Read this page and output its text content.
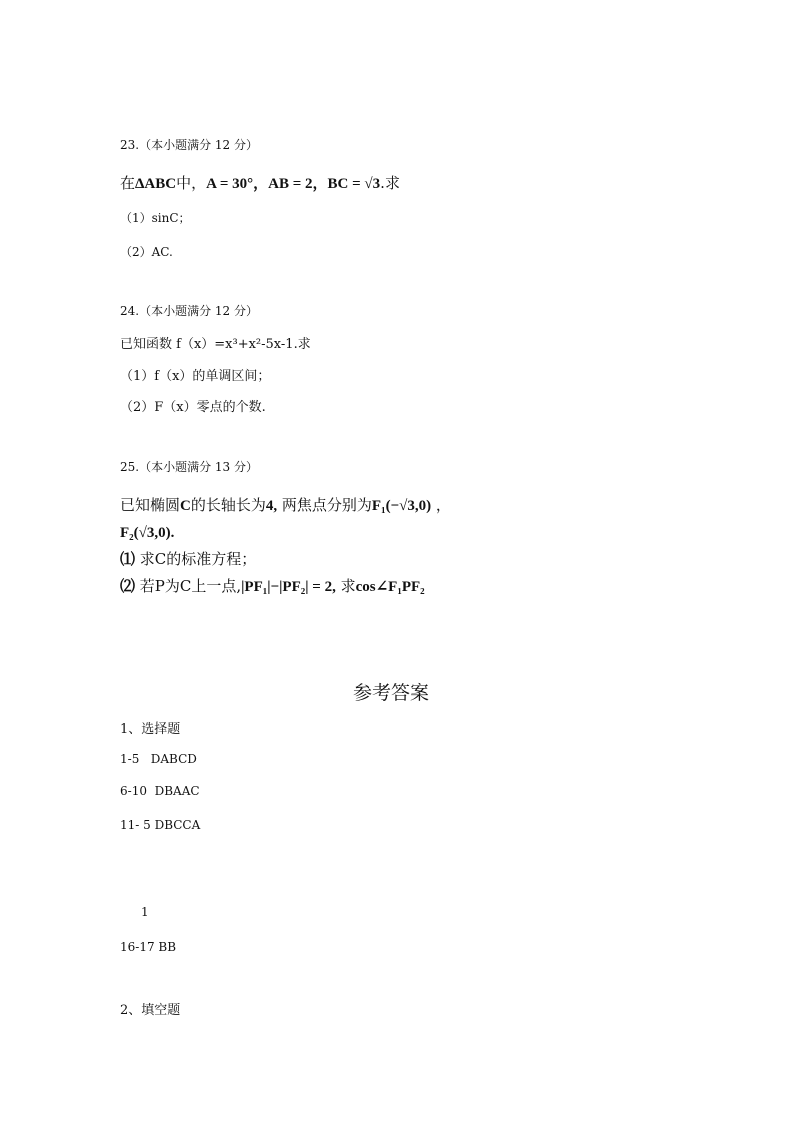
23.（本小题满分 12 分）
在ΔABC中，A = 30°，AB = 2，BC = √3.求
（1）sinC；
（2）AC.
24.（本小题满分 12 分）
已知函数 f（x）=x³+x²-5x-1.求
（1）f（x）的单调区间；
（2）F（x）零点的个数.
25.（本小题满分 13 分）
已知椭圆C的长轴长为4, 两焦点分别为F₁(−√3,0) ，
F₂(√3,0).
⑴ 求C的标准方程；
⑵ 若P为C上一点,|PF₁|−|PF₂| = 2, 求cos∠F₁PF₂
参考答案
1、选择题
1-5   DABCD
6-10  DBAAC
11- 5 DBCCA
1
16-17 BB
2、填空题
